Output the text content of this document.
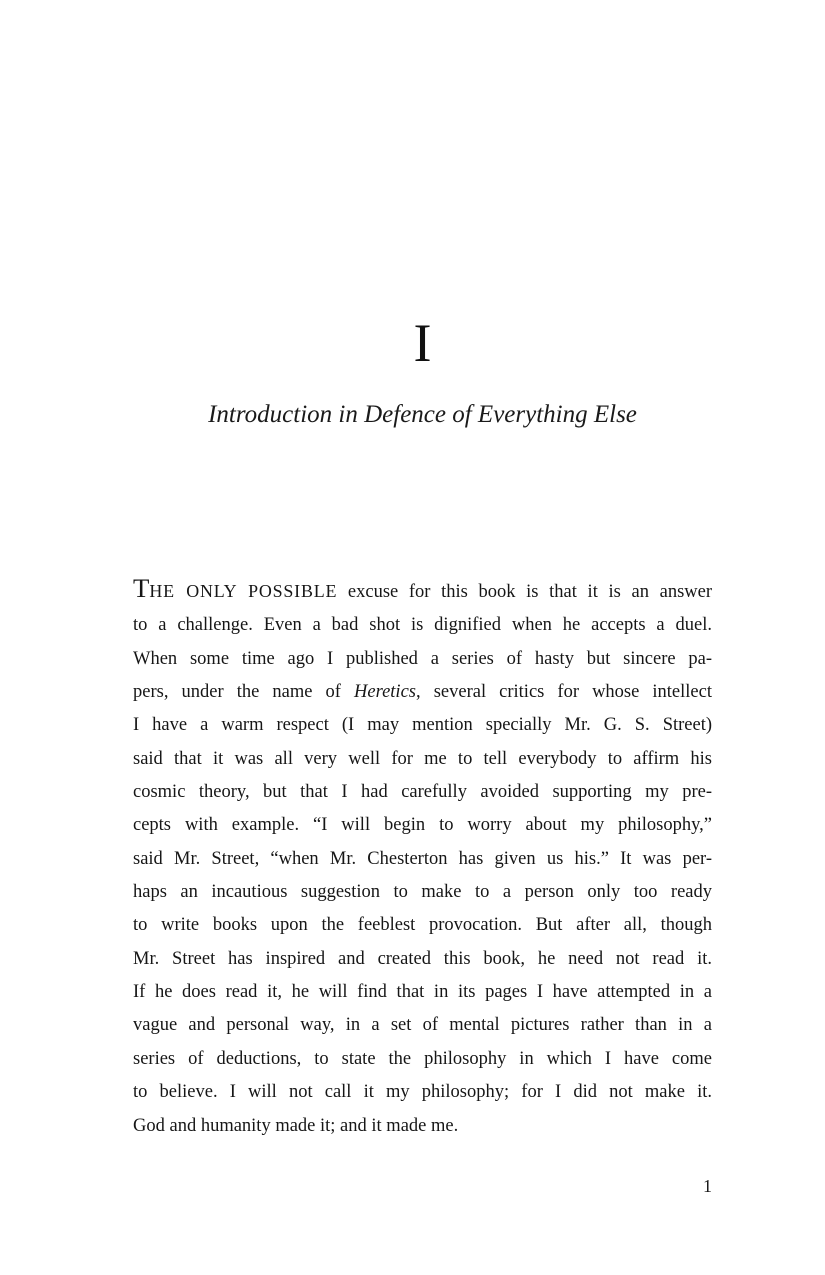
I
Introduction in Defence of Everything Else
THE ONLY POSSIBLE excuse for this book is that it is an answer
to a challenge. Even a bad shot is dignified when he accepts a duel.
When some time ago I published a series of hasty but sincere pa-
pers, under the name of Heretics, several critics for whose intellect
I have a warm respect (I may mention specially Mr. G. S. Street)
said that it was all very well for me to tell everybody to affirm his
cosmic theory, but that I had carefully avoided supporting my pre-
cepts with example. “I will begin to worry about my philosophy,”
said Mr. Street, “when Mr. Chesterton has given us his.” It was per-
haps an incautious suggestion to make to a person only too ready
to write books upon the feeblest provocation. But after all, though
Mr. Street has inspired and created this book, he need not read it.
If he does read it, he will find that in its pages I have attempted in a
vague and personal way, in a set of mental pictures rather than in a
series of deductions, to state the philosophy in which I have come
to believe. I will not call it my philosophy; for I did not make it.
God and humanity made it; and it made me.
1
